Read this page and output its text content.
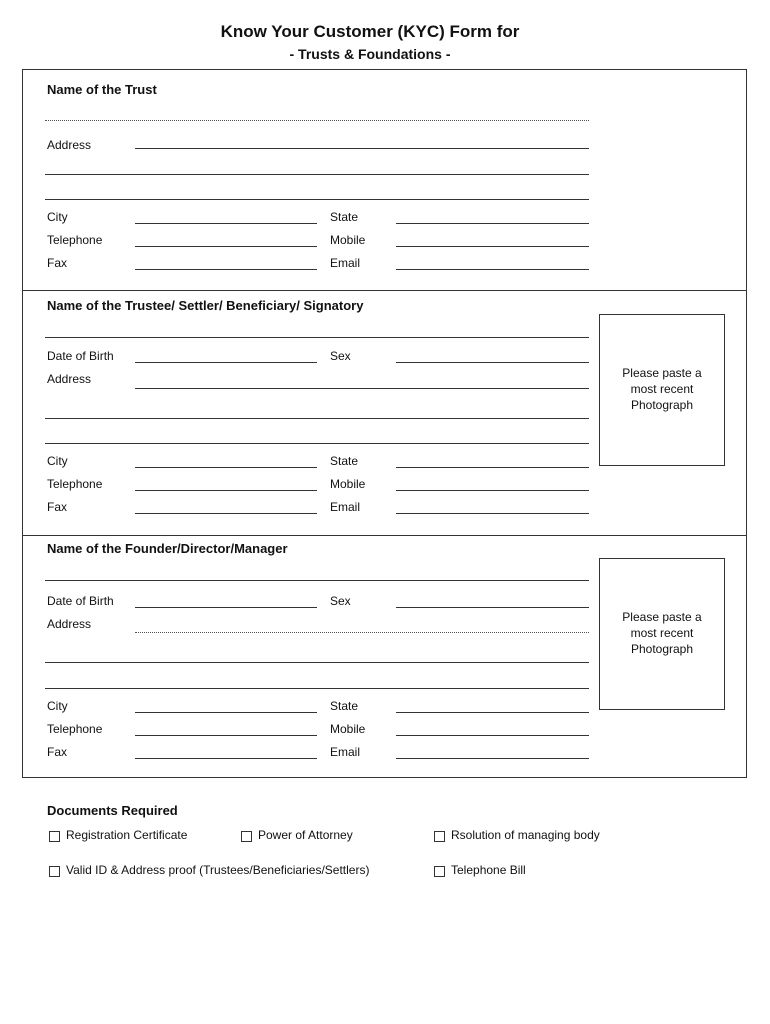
Know Your Customer (KYC) Form for
- Trusts & Foundations -
Name of the Trust
Address
City	State
Telephone	Mobile
Fax	Email
Name of the Trustee/ Settler/ Beneficiary/ Signatory
Date of Birth	Sex
Address
City	State
Telephone	Mobile
Fax	Email
Please paste a most recent Photograph
Name of the Founder/Director/Manager
Date of Birth	Sex
Address
City	State
Telephone	Mobile
Fax	Email
Please paste a most recent Photograph
Documents Required
Registration Certificate	Power of Attorney	Rsolution of managing body
Valid ID & Address proof (Trustees/Beneficiaries/Settlers)	Telephone Bill
